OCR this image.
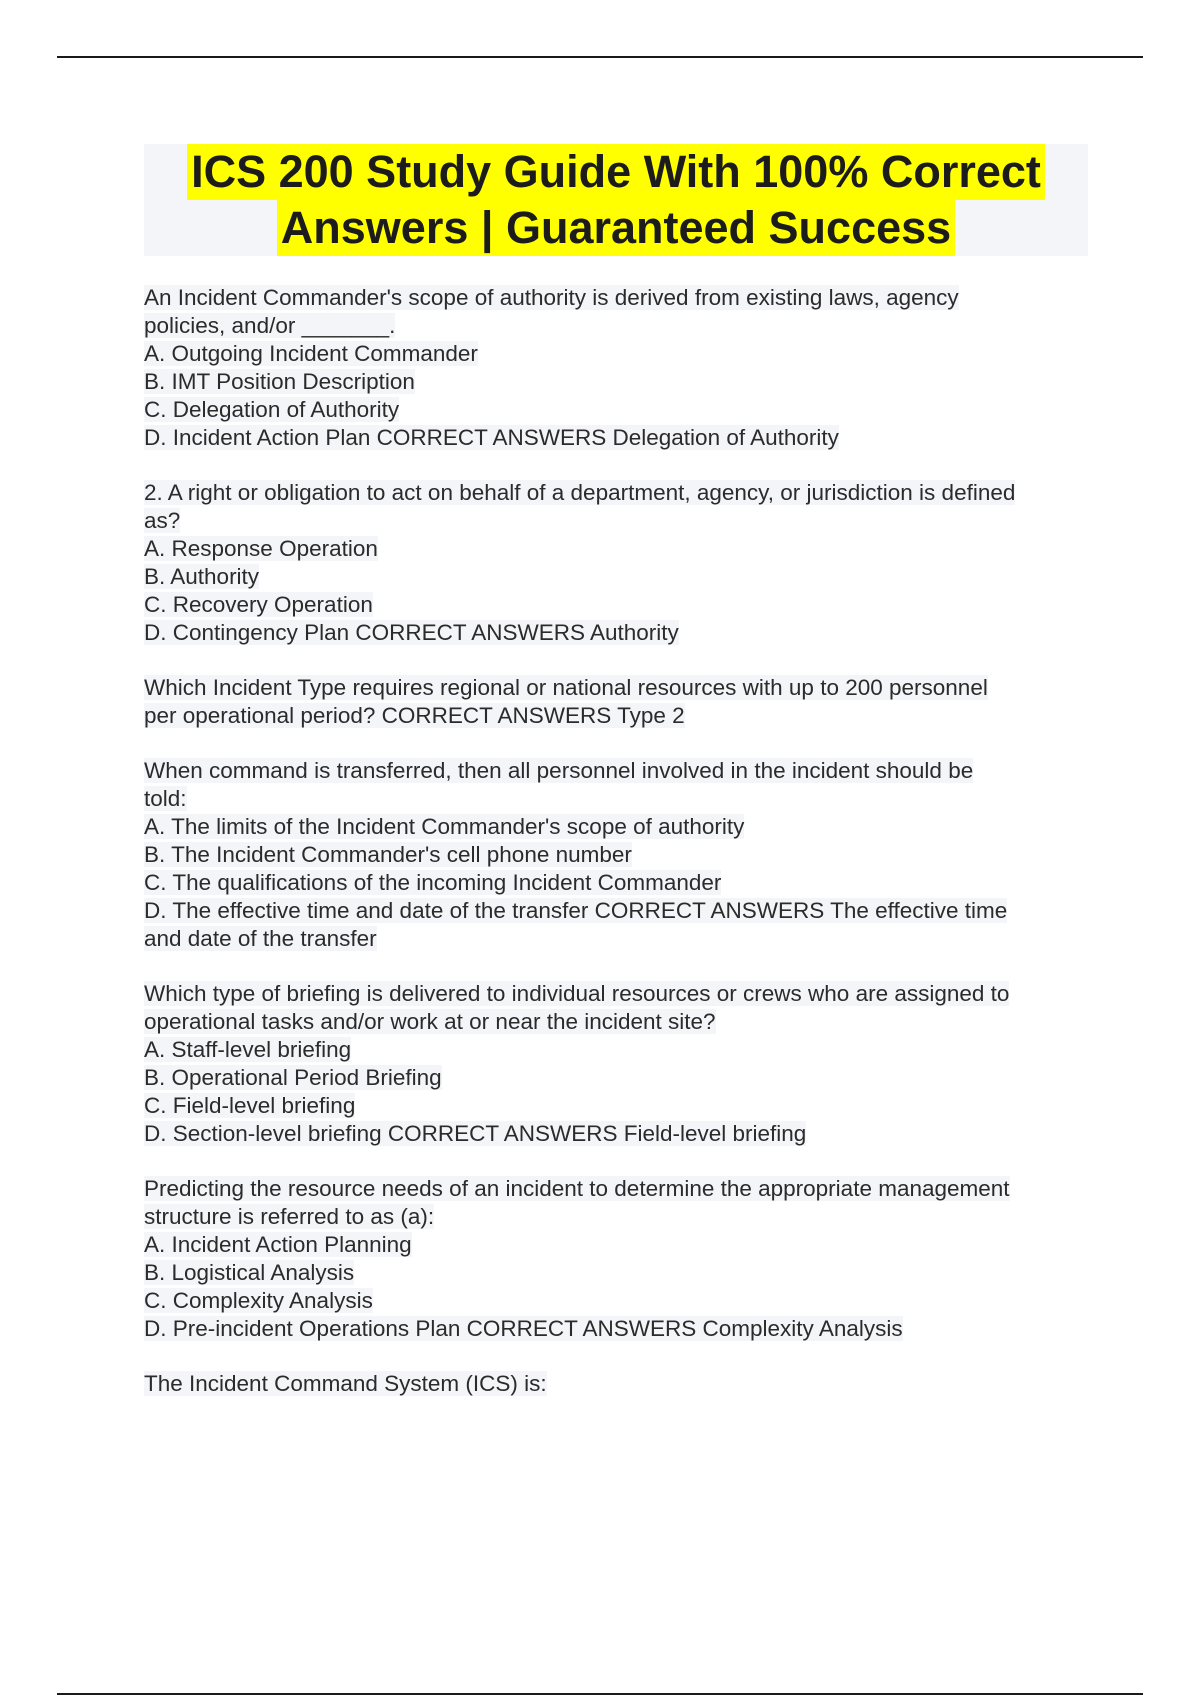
ICS 200 Study Guide With 100% Correct
Answers | Guaranteed Success
An Incident Commander's scope of authority is derived from existing laws, agency
policies, and/or _______.
A. Outgoing Incident Commander
B. IMT Position Description
C. Delegation of Authority
D. Incident Action Plan CORRECT ANSWERS Delegation of Authority
2. A right or obligation to act on behalf of a department, agency, or jurisdiction is defined
as?
A. Response Operation
B. Authority
C. Recovery Operation
D. Contingency Plan CORRECT ANSWERS Authority
Which Incident Type requires regional or national resources with up to 200 personnel
per operational period? CORRECT ANSWERS Type 2
When command is transferred, then all personnel involved in the incident should be
told:
A. The limits of the Incident Commander's scope of authority
B. The Incident Commander's cell phone number
C. The qualifications of the incoming Incident Commander
D. The effective time and date of the transfer CORRECT ANSWERS The effective time
and date of the transfer
Which type of briefing is delivered to individual resources or crews who are assigned to
operational tasks and/or work at or near the incident site?
A. Staff-level briefing
B. Operational Period Briefing
C. Field-level briefing
D. Section-level briefing CORRECT ANSWERS Field-level briefing
Predicting the resource needs of an incident to determine the appropriate management
structure is referred to as (a):
A. Incident Action Planning
B. Logistical Analysis
C. Complexity Analysis
D. Pre-incident Operations Plan CORRECT ANSWERS Complexity Analysis
The Incident Command System (ICS) is:
